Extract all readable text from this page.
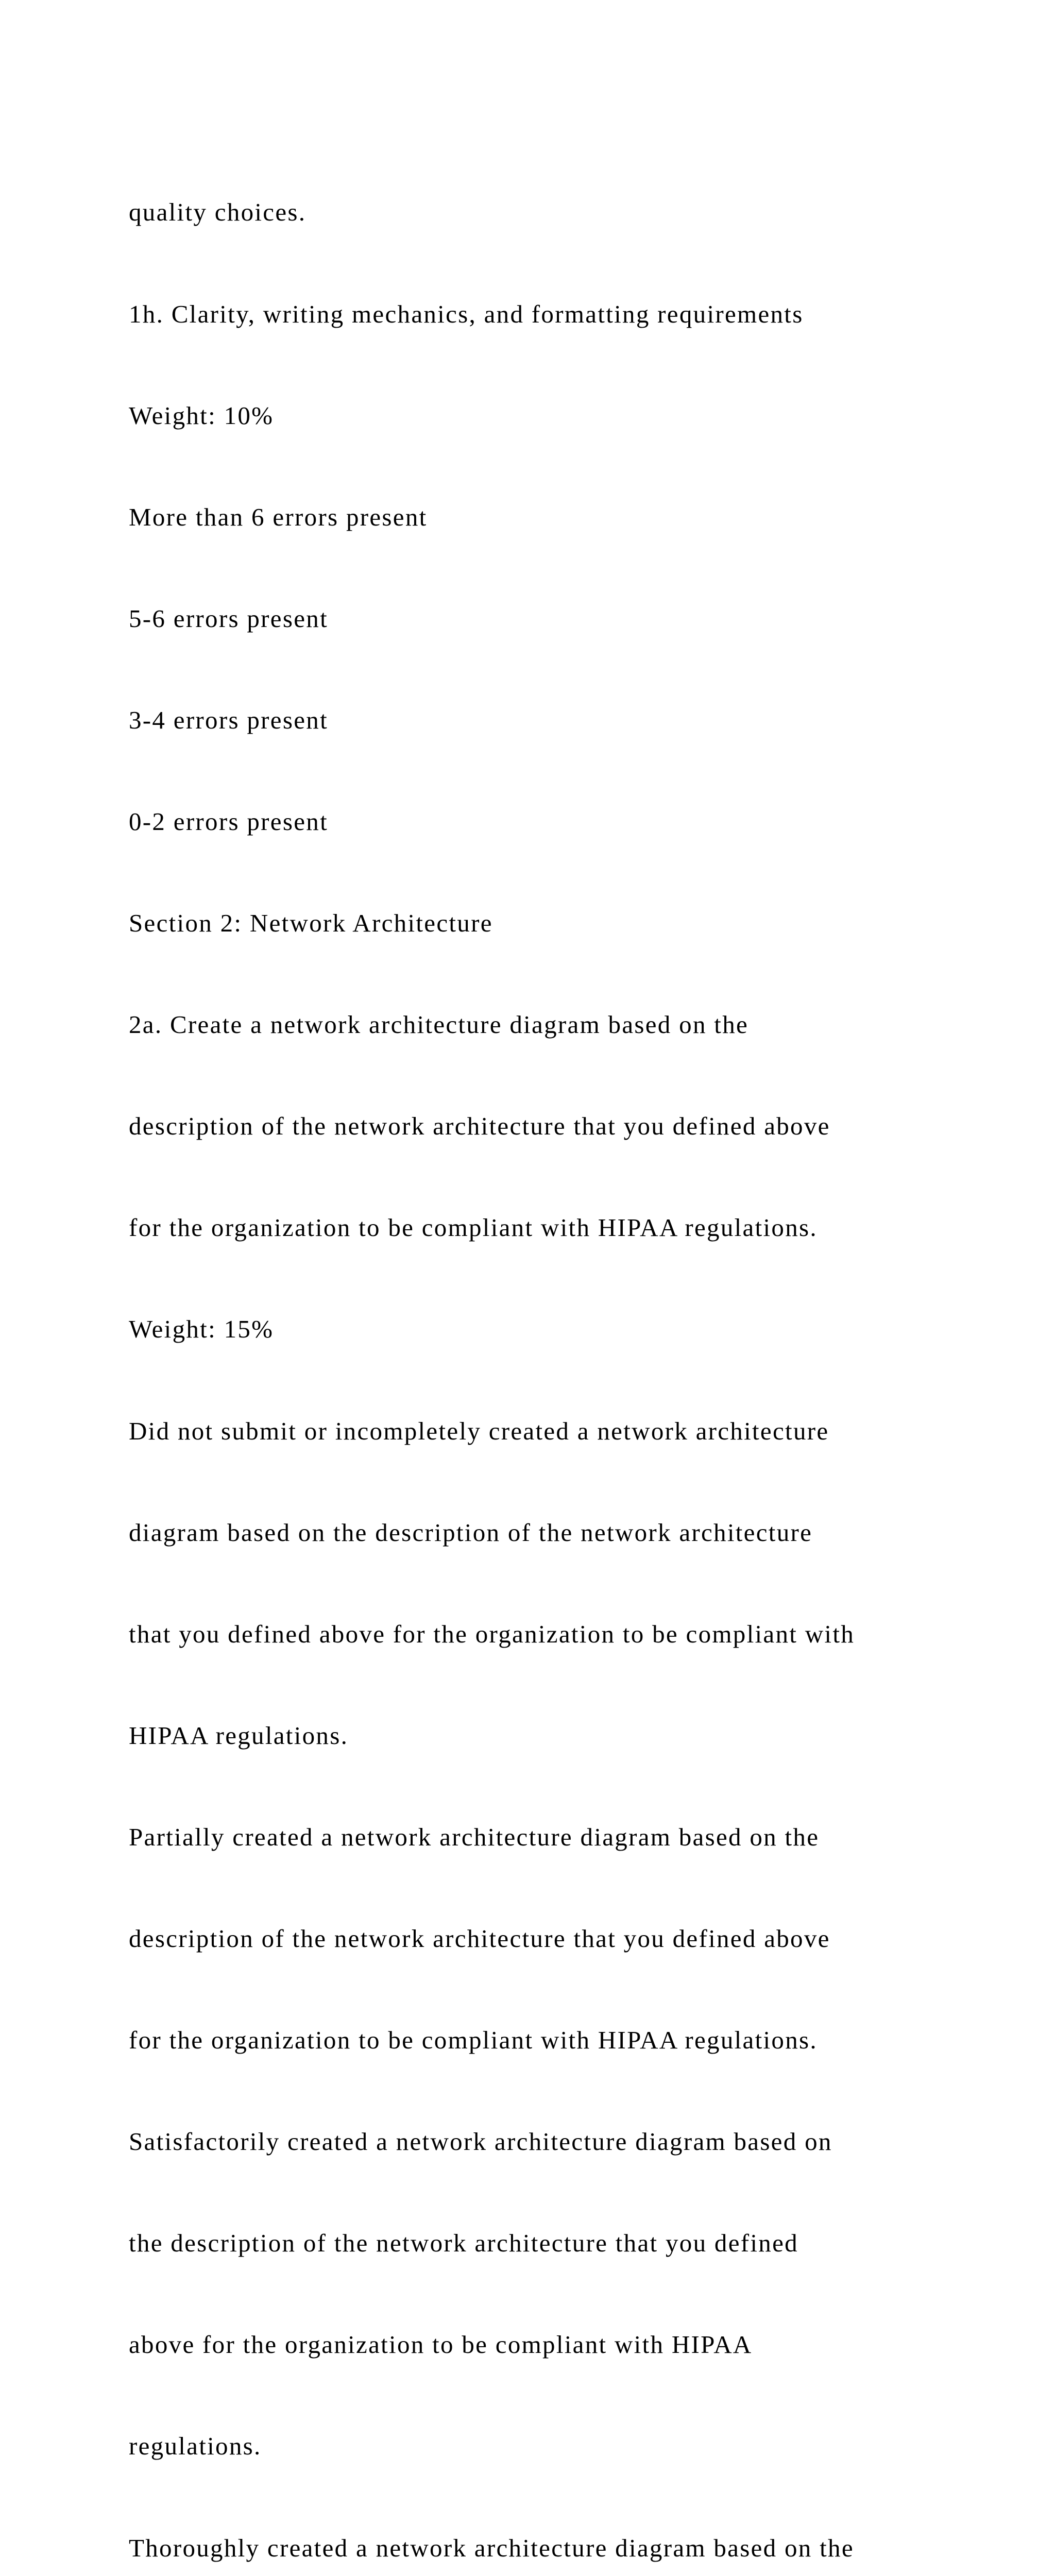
quality choices.

1h. Clarity, writing mechanics, and formatting requirements

Weight: 10%

More than 6 errors present

5-6 errors present

3-4 errors present

0-2 errors present

Section 2: Network Architecture

2a. Create a network architecture diagram based on the

description of the network architecture that you defined above

for the organization to be compliant with HIPAA regulations.

Weight: 15%

Did not submit or incompletely created a network architecture

diagram based on the description of the network architecture

that you defined above for the organization to be compliant with

HIPAA regulations.

Partially created a network architecture diagram based on the

description of the network architecture that you defined above

for the organization to be compliant with HIPAA regulations.

Satisfactorily created a network architecture diagram based on

the description of the network architecture that you defined

above for the organization to be compliant with HIPAA

regulations.

Thoroughly created a network architecture diagram based on the
